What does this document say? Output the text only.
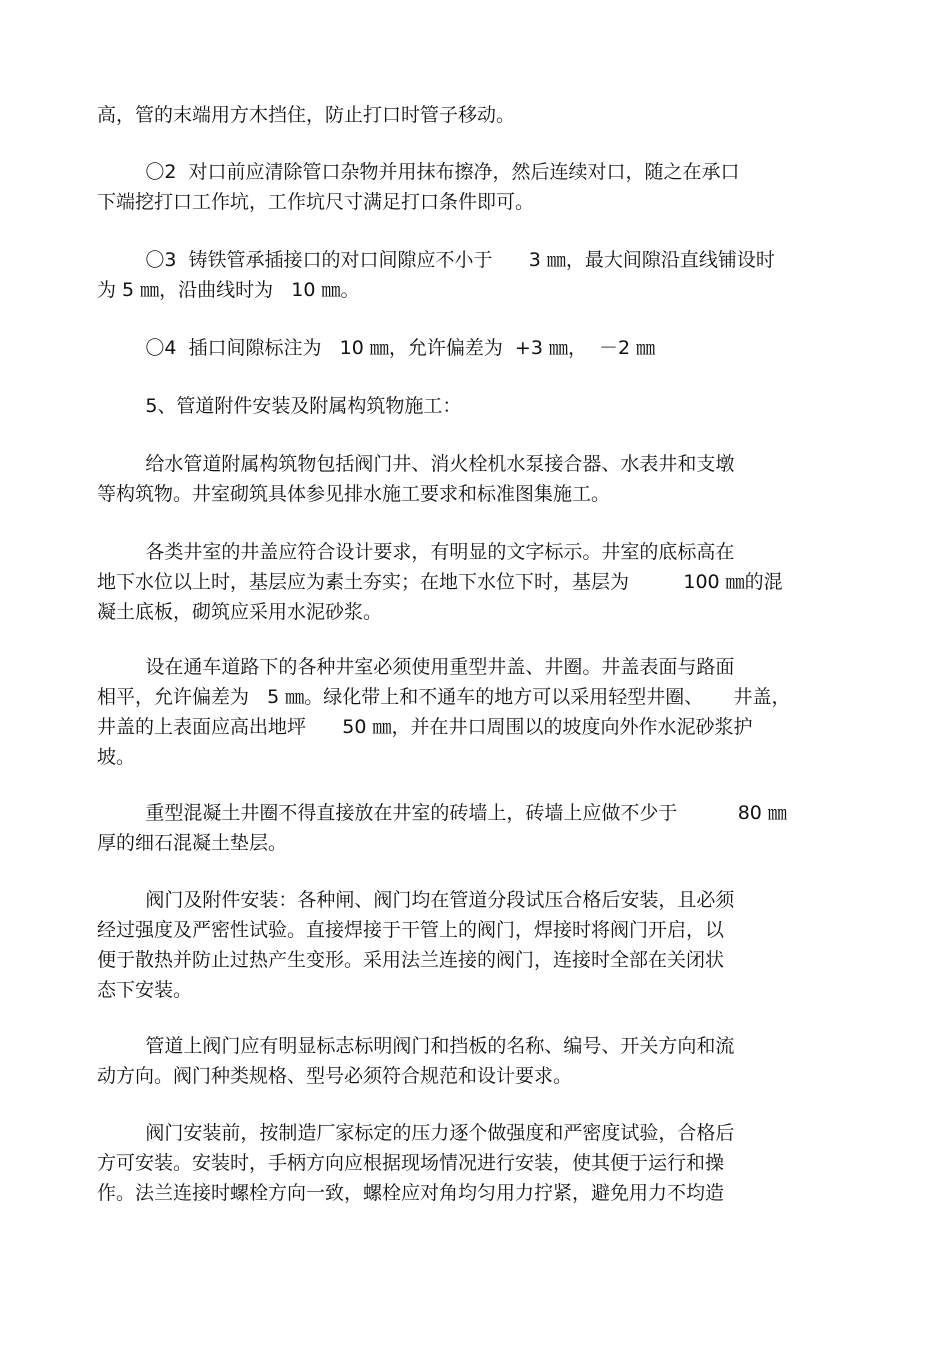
高，管的末端用方木挡住，防止打口时管子移动。
〇2  对口前应清除管口杂物并用抹布擦净，然后连续对口，随之在承口
下端挖打口工作坑，工作坑尺寸满足打口条件即可。
〇3  铸铁管承插接口的对口间隙应不小于      3 ㎜，最大间隙沿直线铺设时
为 5 ㎜，沿曲线时为   10 ㎜。
〇4  插口间隙标注为   10 ㎜，允许偏差为  +3 ㎜，  －2 ㎜
5、管道附件安装及附属构筑物施工：
给水管道附属构筑物包括阀门井、消火栓机水泵接合器、水表井和支墩
等构筑物。井室砌筑具体参见排水施工要求和标准图集施工。
各类井室的井盖应符合设计要求，有明显的文字标示。井室的底标高在
地下水位以上时，基层应为素土夯实；在地下水位下时，基层为         100 ㎜的混
凝土底板，砌筑应采用水泥砂浆。
设在通车道路下的各种井室必须使用重型井盖、井圈。井盖表面与路面
相平，允许偏差为   5 ㎜。绿化带上和不通车的地方可以采用轻型井圈、     井盖，
井盖的上表面应高出地坪      50 ㎜，并在井口周围以的坡度向外作水泥砂浆护
坡。
重型混凝土井圈不得直接放在井室的砖墙上，砖墙上应做不少于          80 ㎜
厚的细石混凝土垫层。
阀门及附件安装：各种闸、阀门均在管道分段试压合格后安装，且必须
经过强度及严密性试验。直接焊接于干管上的阀门，焊接时将阀门开启，以
便于散热并防止过热产生变形。采用法兰连接的阀门，连接时全部在关闭状
态下安装。
管道上阀门应有明显标志标明阀门和挡板的名称、编号、开关方向和流
动方向。阀门种类规格、型号必须符合规范和设计要求。
阀门安装前，按制造厂家标定的压力逐个做强度和严密度试验，合格后
方可安装。安装时，手柄方向应根据现场情况进行安装，使其便于运行和操
作。法兰连接时螺栓方向一致，螺栓应对角均匀用力拧紧，避免用力不均造
